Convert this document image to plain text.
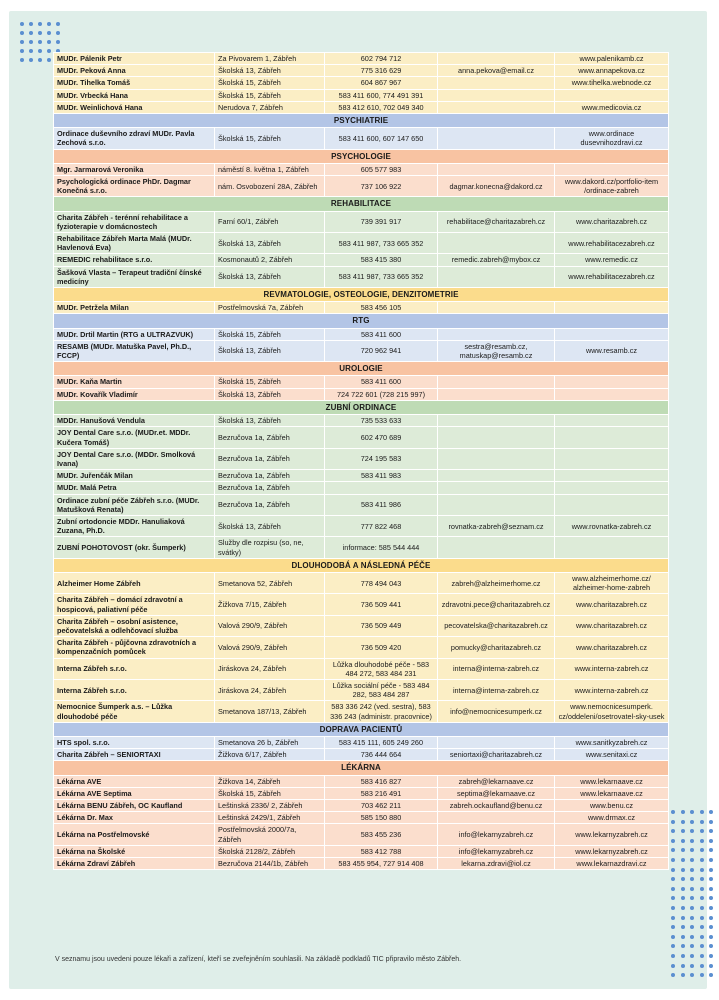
MUDr. Pálenik Petr	Za Pivovarem 1, Zábřeh	602 794 712		www.palenikamb.cz
MUDr. Peková Anna	Školská 13, Zábřeh	775 316 629	anna.pekova@email.cz	www.annapekova.cz
MUDr. Tihelka Tomáš	Školská 15, Zábřeh	604 867 967		www.tihelka.webnode.cz
MUDr. Vrbecká Hana	Školská 15, Zábřeh	583 411 600, 774 491 391		
MUDr. Weinlichová Hana	Nerudova 7, Zábřeh	583 412 610, 702 049 340		www.medicovia.cz
PSYCHIATRIE				
Ordinace duševního zdraví MUDr. Pavla Zechová s.r.o.	Školská 15, Zábřeh	583 411 600, 607 147 650		www.ordinace dusevnihozdravi.cz
PSYCHOLOGIE				
Mgr. Jarmarová Veronika	náměstí 8. května 1, Zábřeh	605 577 983		
Psychologická ordinace PhDr. Dagmar Konečná s.r.o.	nám. Osvobození 28A, Zábřeh	737 106 922	dagmar.konecna@dakord.cz	www.dakord.cz/portfolio-item /ordinace-zabreh
REHABILITACE				
Charita Zábřeh - terénní rehabilitace a fyzioterapie v domácnostech	Farní 60/1, Zábřeh	739 391 917	rehabilitace@charitazabreh.cz	www.charitazabreh.cz
Rehabilitace Zábřeh Marta Malá (MUDr. Havlenová Eva)	Školská 13, Zábřeh	583 411 987, 733 665 352		www.rehabilitacezabreh.cz
REMEDIC rehabilitace s.r.o.	Kosmonautů 2, Zábřeh	583 415 380	remedic.zabreh@mybox.cz	www.remedic.cz
Šašková Vlasta – Terapeut tradiční čínské medicíny	Školská 13, Zábřeh	583 411 987, 733 665 352		www.rehabilitacezabreh.cz
REVMATOLOGIE, OSTEOLOGIE, DENZITOMETRIE				
MUDr. Petržela Milan	Postřelmovská 7a, Zábřeh	583 456 105		
RTG				
MUDr. Drtil Martin (RTG a ULTRAZVUK)	Školská 15, Zábřeh	583 411 600		
RESAMB (MUDr. Matuška Pavel, Ph.D., FCCP)	Školská 13, Zábřeh	720 962 941	sestra@resamb.cz, matuskap@resamb.cz	www.resamb.cz
UROLOGIE				
MUDr. Kaňa Martin	Školská 15, Zábřeh	583 411 600		
MUDr. Kovařík Vladimír	Školská 13, Zábřeh	724 722 601 (728 215 997)		
ZUBNÍ ORDINACE				
MDDr. Hanušová Vendula	Školská 13, Zábřeh	735 533 633		
JOY Dental Care s.r.o. (MUDr.et. MDDr. Kučera Tomáš)	Bezručova 1a, Zábřeh	602 470 689		
JOY Dental Care s.r.o. (MDDr. Smolková Ivana)	Bezručova 1a, Zábřeh	724 195 583		
MUDr. Juřenčák Milan	Bezručova 1a, Zábřeh	583 411 983		
MUDr. Malá Petra	Bezručova 1a, Zábřeh			
Ordinace zubní péče Zábřeh s.r.o. (MUDr. Matušková Renata)	Bezručova 1a, Zábřeh	583 411 986		
Zubní ortodoncie MDDr. Hanuliaková Zuzana, Ph.D.	Školská 13, Zábřeh	777 822 468	rovnatka-zabreh@seznam.cz	www.rovnatka-zabreh.cz
ZUBNÍ POHOTOVOST (okr. Šumperk)	Služby dle rozpisu (so, ne, svátky)	informace: 585 544 444		
DLOUHODOBÁ A NÁSLEDNÁ PÉČE				
Alzheimer Home Zábřeh	Smetanova 52, Zábřeh	778 494 043	zabreh@alzheimerhome.cz	www.alzheimerhome.cz/ alzheimer-home-zabreh
Charita Zábřeh – domácí zdravotní a hospicová, paliativní péče	Žižkova 7/15, Zábřeh	736 509 441	zdravotni.pece@charitazabreh.cz	www.charitazabreh.cz
Charita Zábřeh – osobní asistence, pečovatelská a odlehčovací služba	Valová 290/9, Zábřeh	736 509 449	pecovatelska@charitazabreh.cz	www.charitazabreh.cz
Charita Zábřeh - půjčovna zdravotních a kompenzačních pomůcek	Valová 290/9, Zábřeh	736 509 420	pomucky@charitazabreh.cz	www.charitazabreh.cz
Interna Zábřeh s.r.o.	Jiráskova 24, Zábřeh	Lůžka dlouhodobé péče - 583 484 272, 583 484 231	interna@interna-zabreh.cz	www.interna-zabreh.cz
Interna Zábřeh s.r.o.	Jiráskova 24, Zábřeh	Lůžka sociální péče - 583 484 282, 583 484 287	interna@interna-zabreh.cz	www.interna-zabreh.cz
Nemocnice Šumperk a.s. – Lůžka dlouhodobé péče	Smetanova 187/13, Zábřeh	583 336 242 (ved. sestra), 583 336 243 (administr. pracovnice)	info@nemocnicesumperk.cz	www.nemocnicesumperk. cz/oddeleni/osetrovatel-sky-usek
DOPRAVA PACIENTŮ				
HTS spol. s.r.o.	Smetanova 26 b, Zábřeh	583 415 111, 605 249 260		www.sanitkyzabreh.cz
Charita Zábřeh – SENIORTAXI	Žižkova 6/17, Zábřeh	736 444 664	seniortaxi@charitazabreh.cz	www.senitaxi.cz
LÉKÁRNA				
Lékárna AVE	Žižkova 14, Zábřeh	583 416 827	zabreh@lekarnaave.cz	www.lekarnaave.cz
Lékárna AVE Septima	Školská 15, Zábřeh	583 216 491	septima@lekarnaave.cz	www.lekarnaave.cz
Lékárna BENU Zábřeh, OC Kaufland	Leštinská 2336/ 2, Zábřeh	703 462 211	zabreh.ockaufland@benu.cz	www.benu.cz
Lékárna Dr. Max	Leštinská 2429/1, Zábřeh	585 150 880		www.drmax.cz
Lékárna na Postřelmovské	Postřelmovská 2000/7a, Zábřeh	583 455 236	info@lekarnyzabreh.cz	www.lekarnyzabreh.cz
Lékárna na Školské	Školská 2128/2, Zábřeh	583 412 788	info@lekarnyzabreh.cz	www.lekarnyzabreh.cz
Lékárna Zdraví Zábřeh	Bezručova 2144/1b, Zábřeh	583 455 954, 727 914 408	lekarna.zdravi@iol.cz	www.lekarnazdravi.cz
V seznamu jsou uvedeni pouze lékaři a zařízení, kteří se zveřejněním souhlasili. Na základě podkladů TIC připravilo město Zábřeh.
